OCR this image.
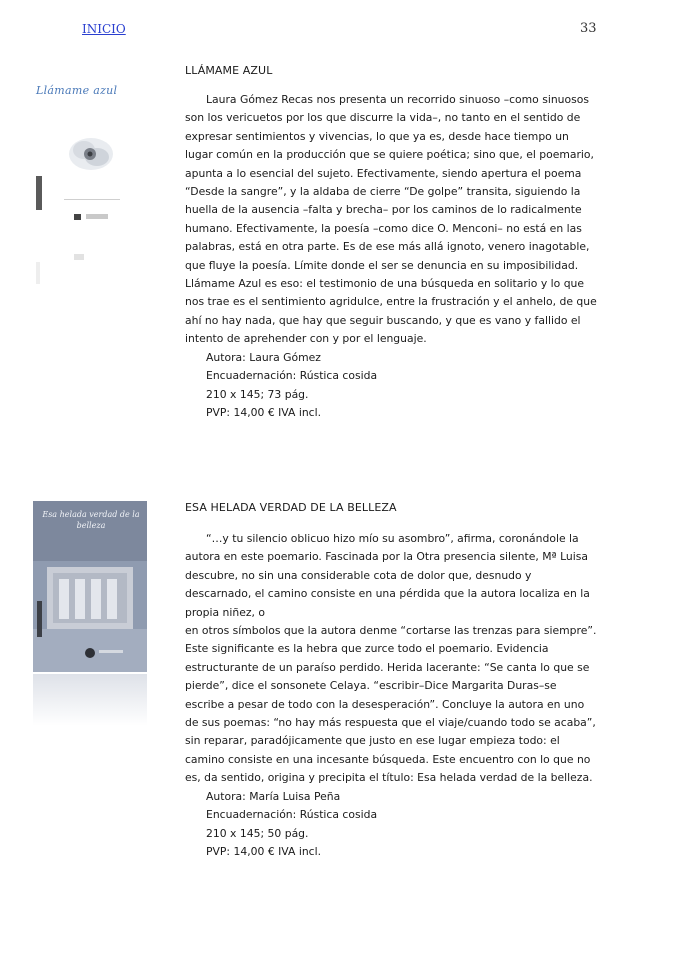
INICIO	33
Llámame azul
LLÁMAME AZUL

Laura Gómez Recas nos presenta un recorrido sinuoso –como sinuosos son los vericuetos por los que discurre la vida–, no tanto en el sentido de expresar sentimientos y vivencias, lo que ya es, desde hace tiempo un lugar común en la producción que se quiere poética; sino que, el poemario, apunta a lo esencial del sujeto. Efectivamente, siendo apertura el poema “Desde la sangre”, y la aldaba de cierre “De golpe” transita, siguiendo la huella de la ausencia –falta y brecha– por los caminos de lo radicalmente humano. Efectivamente, la poesía –como dice O. Menconi– no está en las palabras, está en otra parte. Es de ese más allá ignoto, venero inagotable, que fluye la poesía. Límite donde el ser se denuncia en su imposibilidad. Llámame Azul es eso: el testimonio de una búsqueda en solitario y lo que nos trae es el sentimiento agridulce, entre la frustración y el anhelo, de que ahí no hay nada, que hay que seguir buscando, y que es vano y fallido el intento de aprehender con y por el lenguaje.

Autora: Laura Gómez
Encuadernación: Rústica cosida
210 x 145; 73 pág.
PVP: 14,00 € IVA incl.
Esa helada verdad de la belleza
ESA HELADA VERDAD DE LA BELLEZA

“…y tu silencio oblicuo hizo mío su asombro”, afirma, coronándole la autora en este poemario. Fascinada por la Otra presencia silente, Mª Luisa descubre, no sin una considerable cota de dolor que, desnudo y descarnado, el camino consiste en una pérdida que la autora localiza en la propia niñez, o
en otros símbolos que la autora denme “cortarse las trenzas para siempre”. Este significante es la hebra que zurce todo el poemario. Evidencia estructurante de un paraíso perdido. Herida lacerante: “Se canta lo que se pierde”, dice el sonsonete Celaya. “escribir–Dice Margarita Duras–se escribe a pesar de todo con la desesperación”. Concluye la autora en uno de sus poemas: “no hay más respuesta que el viaje/cuando todo se acaba”, sin reparar, paradójicamente que justo en ese lugar empieza todo: el camino consiste en una incesante búsqueda. Este encuentro con lo que no es, da sentido, origina y precipita el título: Esa helada verdad de la belleza.

Autora: María Luisa Peña
Encuadernación: Rústica cosida
210 x 145; 50 pág.
PVP: 14,00 € IVA incl.
